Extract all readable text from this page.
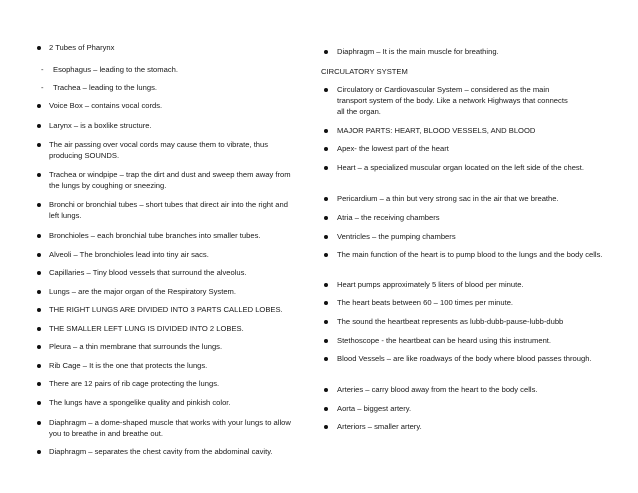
2 Tubes of Pharynx
- Esophagus – leading to the stomach.
- Trachea – leading to the lungs.
Voice Box – contains vocal cords.
Larynx – is a boxlike structure.
The air passing over vocal cords may cause them to vibrate, thus producing SOUNDS.
Trachea or windpipe – trap the dirt and dust and sweep them away from the lungs by coughing or sneezing.
Bronchi or bronchial tubes – short tubes that direct air into the right and left lungs.
Bronchioles – each bronchial tube branches into smaller tubes.
Alveoli – The bronchioles lead into tiny air sacs.
Capillaries – Tiny blood vessels that surround the alveolus.
Lungs – are the major organ of the Respiratory System.
THE RIGHT LUNGS ARE DIVIDED INTO 3 PARTS CALLED LOBES.
THE SMALLER LEFT LUNG IS DIVIDED INTO 2 LOBES.
Pleura – a thin membrane that surrounds the lungs.
Rib Cage – It is the one that protects the lungs.
There are 12 pairs of rib cage protecting the lungs.
The lungs have a spongelike quality and pinkish color.
Diaphragm – a dome-shaped muscle that works with your lungs to allow you to breathe in and breathe out.
Diaphragm – separates the chest cavity from the abdominal cavity.
Diaphragm – It is the main muscle for breathing.
CIRCULATORY SYSTEM
Circulatory or Cardiovascular System – considered as the main transport system of the body. Like a network Highways that connects all the organ.
MAJOR PARTS: HEART, BLOOD VESSELS, AND BLOOD
Apex- the lowest part of the heart
Heart – a specialized muscular organ located on the left side of the chest.
Pericardium – a thin but very strong sac in the air that we breathe.
Atria – the receiving chambers
Ventricles – the pumping chambers
The main function of the heart is to pump blood to the lungs and the body cells.
Heart pumps approximately 5 liters of blood per minute.
The heart beats between 60 – 100 times per minute.
The sound the heartbeat represents as lubb-dubb-pause-lubb-dubb
Stethoscope - the heartbeat can be heard using this instrument.
Blood Vessels – are like roadways of the body where blood passes through.
Arteries – carry blood away from the heart to the body cells.
Aorta – biggest artery.
Arteriors – smaller artery.
